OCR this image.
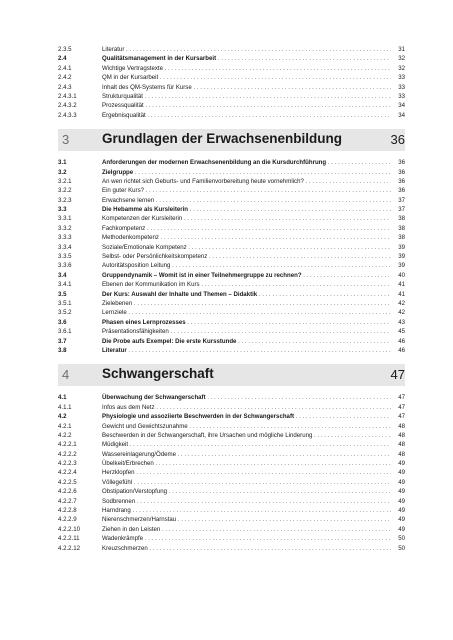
2.3.5	Literatur . . .	31
2.4	Qualitätsmanagement in der Kursarbeit . . .	32
2.4.1	Wichtige Vertragstexte . . .	32
2.4.2	QM in der Kursarbeit . . .	33
2.4.3	Inhalt des QM-Systems für Kurse . . .	33
2.4.3.1	Strukturqualität . . .	33
2.4.3.2	Prozessqualität . . .	34
2.4.3.3	Ergebnisqualität . . .	34
3 Grundlagen der Erwachsenenbildung	36
3.1	Anforderungen der modernen Erwachsenenbildung an die Kursdurchführung . . .	36
3.2	Zielgruppe . . .	36
3.2.1	An wen richtet sich Geburts- und Familienvorbereitung heute vornehmlich? . . .	36
3.2.2	Ein guter Kurs? . . .	36
3.2.3	Erwachsene lernen . . .	37
3.3	Die Hebamme als Kursleiterin . . .	37
3.3.1	Kompetenzen der Kursleiterin . . .	38
3.3.2	Fachkompetenz . . .	38
3.3.3	Methodenkompetenz . . .	38
3.3.4	Soziale/Emotionale Kompetenz . . .	39
3.3.5	Selbst- oder Persönlichkeitskompetenz . . .	39
3.3.6	Autoritätsposition Leitung . . .	39
3.4	Gruppendynamik – Womit ist in einer Teilnehmergruppe zu rechnen? . . .	40
3.4.1	Ebenen der Kommunikation im Kurs . . .	41
3.5	Der Kurs: Auswahl der Inhalte und Themen – Didaktik . . .	41
3.5.1	Zielebenen . . .	42
3.5.2	Lernziele . . .	42
3.6	Phasen eines Lernprozesses . . .	43
3.6.1	Präsentationsfähigkeiten . . .	45
3.7	Die Probe aufs Exempel: Die erste Kursstunde . . .	46
3.8	Literatur . . .	46
4 Schwangerschaft	47
4.1	Überwachung der Schwangerschaft . . .	47
4.1.1	Infos aus dem Netz . . .	47
4.2	Physiologie und assoziierte Beschwerden in der Schwangerschaft . . .	47
4.2.1	Gewicht und Gewichtszunahme . . .	48
4.2.2	Beschwerden in der Schwangerschaft, ihre Ursachen und mögliche Linderung . . .	48
4.2.2.1	Müdigkeit . . .	48
4.2.2.2	Wassereinlagerung/Ödeme . . .	48
4.2.2.3	Übelkeit/Erbrechen . . .	49
4.2.2.4	Herzklopfen . . .	49
4.2.2.5	Völlegefühl . . .	49
4.2.2.6	Obstipation/Verstopfung . . .	49
4.2.2.7	Sodbrennen . . .	49
4.2.2.8	Harndrang . . .	49
4.2.2.9	Nierenschmerzen/Harnstau . . .	49
4.2.2.10	Ziehen in den Leisten . . .	49
4.2.2.11	Wadenkrämpfe . . .	50
4.2.2.12	Kreuzschmerzen . . .	50
